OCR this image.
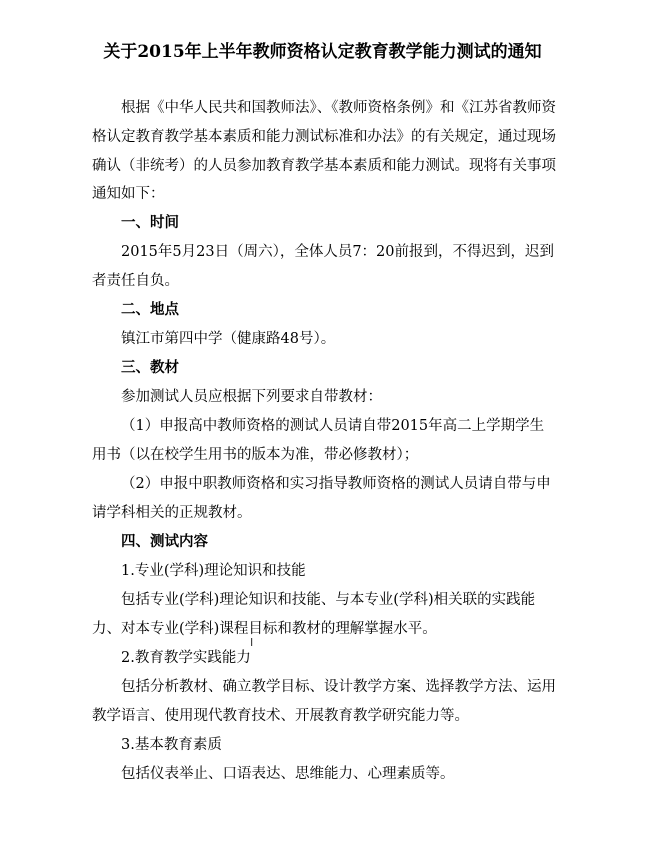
关于2015年上半年教师资格认定教育教学能力测试的通知

根据《中华人民共和国教师法》、《教师资格条例》和《江苏省教师资格认定教育教学基本素质和能力测试标准和办法》的有关规定，通过现场确认（非统考）的人员参加教育教学基本素质和能力测试。现将有关事项通知如下：

一、时间

2015年5月23日（周六），全体人员7：20前报到，不得迟到，迟到者责任自负。

二、地点

镇江市第四中学（健康路48号）。

三、教材

参加测试人员应根据下列要求自带教材：

（1）申报高中教师资格的测试人员请自带2015年高二上学期学生用书（以在校学生用书的版本为准，带必修教材）；

（2）申报中职教师资格和实习指导教师资格的测试人员请自带与申请学科相关的正规教材。

四、测试内容

1.专业(学科)理论知识和技能

包括专业(学科)理论知识和技能、与本专业(学科)相关联的实践能力、对本专业(学科)课程目标和教材的理解掌握水平。

2.教育教学实践能力

包括分析教材、确立教学目标、设计教学方案、选择教学方法、运用教学语言、使用现代教育技术、开展教育教学研究能力等。

3.基本教育素质

包括仪表举止、口语表达、思维能力、心理素质等。

I
